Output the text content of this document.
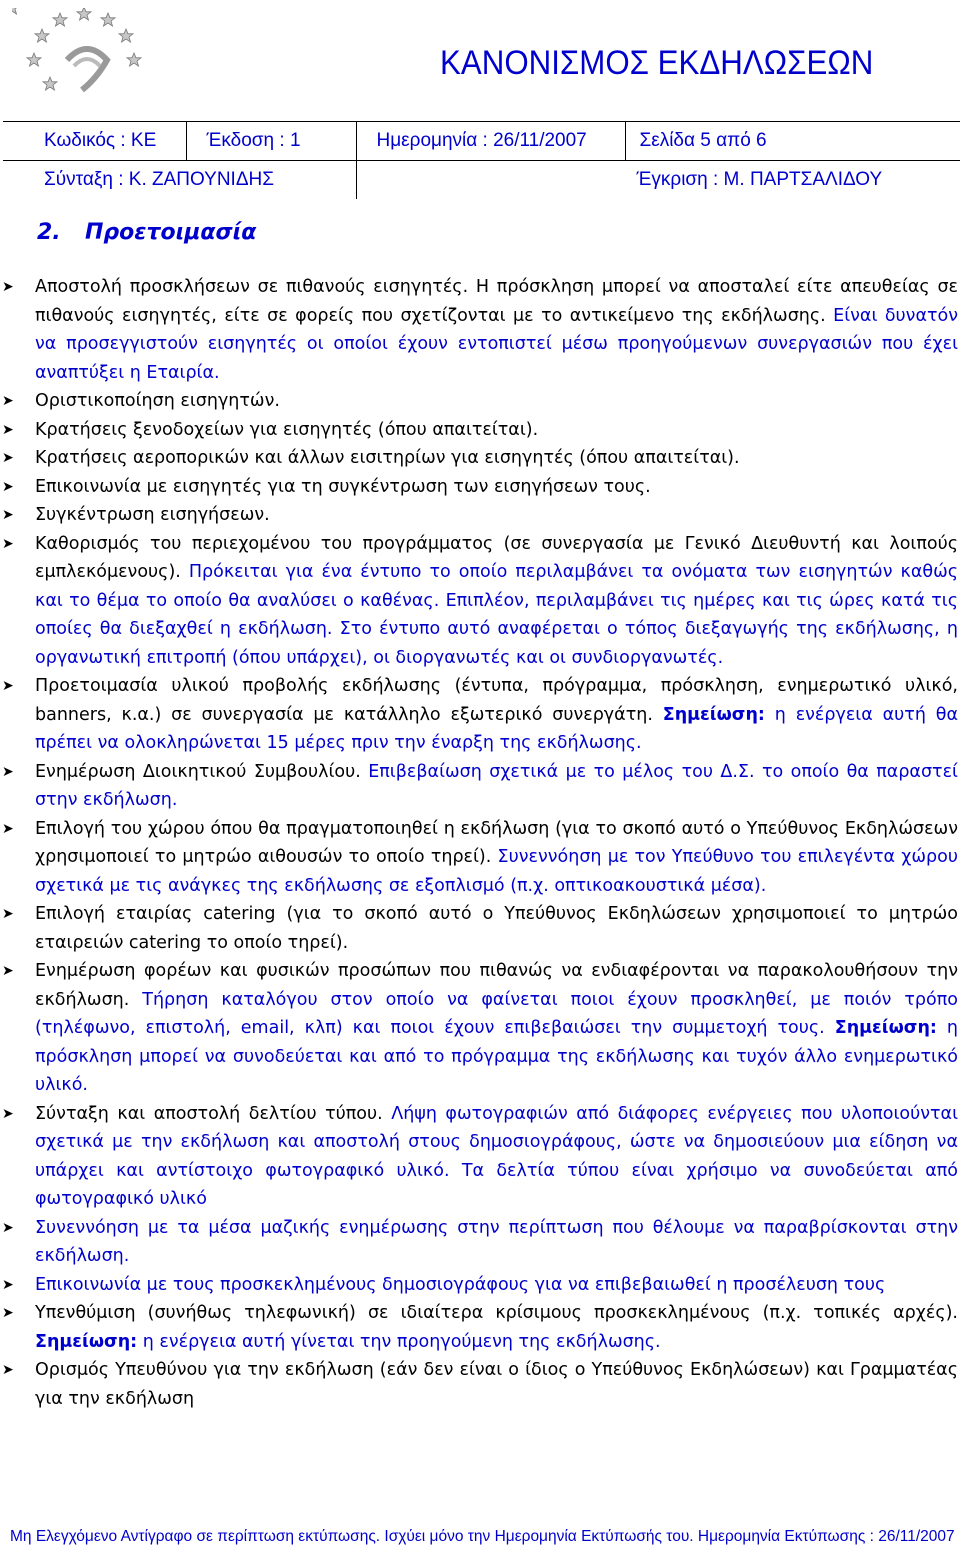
ΚΑΝΟΝΙΣΜΟΣ ΕΚΔΗΛΩΣΕΩΝ
Κωδικός : ΚΕ	Έκδοση : 1	Ημερομηνία : 26/11/2007	Σελίδα 5 από 6
Σύνταξη : Κ. ΖΑΠΟΥΝΙΔΗΣ		Έγκριση : Μ. ΠΑΡΤΣΑΛΙΔΟΥ	
2. Προετοιμασία
➤ Αποστολή προσκλήσεων σε πιθανούς εισηγητές. Η πρόσκληση μπορεί να αποσταλεί είτε απευθείας σε πιθανούς εισηγητές, είτε σε φορείς που σχετίζονται με το αντικείμενο της εκδήλωσης. Είναι δυνατόν να προσεγγιστούν εισηγητές οι οποίοι έχουν εντοπιστεί μέσω προηγούμενων συνεργασιών που έχει αναπτύξει η Εταιρία.
➤ Οριστικοποίηση εισηγητών.
➤ Κρατήσεις ξενοδοχείων για εισηγητές (όπου απαιτείται).
➤ Κρατήσεις αεροπορικών και άλλων εισιτηρίων για εισηγητές (όπου απαιτείται).
➤ Επικοινωνία με εισηγητές για τη συγκέντρωση των εισηγήσεων τους.
➤ Συγκέντρωση εισηγήσεων.
➤ Καθορισμός του περιεχομένου του προγράμματος (σε συνεργασία με Γενικό Διευθυντή και λοιπούς εμπλεκόμενους). Πρόκειται για ένα έντυπο το οποίο περιλαμβάνει τα ονόματα των εισηγητών καθώς και το θέμα το οποίο θα αναλύσει ο καθένας. Επιπλέον, περιλαμβάνει τις ημέρες και τις ώρες κατά τις οποίες θα διεξαχθεί η εκδήλωση. Στο έντυπο αυτό αναφέρεται ο τόπος διεξαγωγής της εκδήλωσης, η οργανωτική επιτροπή (όπου υπάρχει), οι διοργανωτές και οι συνδιοργανωτές.
➤ Προετοιμασία υλικού προβολής εκδήλωσης (έντυπα, πρόγραμμα, πρόσκληση, ενημερωτικό υλικό, banners, κ.α.) σε συνεργασία με κατάλληλο εξωτερικό συνεργάτη. Σημείωση: η ενέργεια αυτή θα πρέπει να ολοκληρώνεται 15 μέρες πριν την έναρξη της εκδήλωσης.
➤ Ενημέρωση Διοικητικού Συμβουλίου. Επιβεβαίωση σχετικά με το μέλος του Δ.Σ. το οποίο θα παραστεί στην εκδήλωση.
➤ Επιλογή του χώρου όπου θα πραγματοποιηθεί η εκδήλωση (για το σκοπό αυτό ο Υπεύθυνος Εκδηλώσεων χρησιμοποιεί το μητρώο αιθουσών το οποίο τηρεί). Συνεννόηση με τον Υπεύθυνο του επιλεγέντα χώρου σχετικά με τις ανάγκες της εκδήλωσης σε εξοπλισμό (π.χ. οπτικοακουστικά μέσα).
➤ Επιλογή εταιρίας catering (για το σκοπό αυτό ο Υπεύθυνος Εκδηλώσεων χρησιμοποιεί το μητρώο εταιρειών catering το οποίο τηρεί).
➤ Ενημέρωση φορέων και φυσικών προσώπων που πιθανώς να ενδιαφέρονται να παρακολουθήσουν την εκδήλωση. Τήρηση καταλόγου στον οποίο να φαίνεται ποιοι έχουν προσκληθεί, με ποιόν τρόπο (τηλέφωνο, επιστολή, email, κλπ) και ποιοι έχουν επιβεβαιώσει την συμμετοχή τους. Σημείωση: η πρόσκληση μπορεί να συνοδεύεται και από το πρόγραμμα της εκδήλωσης και τυχόν άλλο ενημερωτικό υλικό.
➤ Σύνταξη και αποστολή δελτίου τύπου. Λήψη φωτογραφιών από διάφορες ενέργειες που υλοποιούνται σχετικά με την εκδήλωση και αποστολή στους δημοσιογράφους, ώστε να δημοσιεύουν μια είδηση να υπάρχει και αντίστοιχο φωτογραφικό υλικό. Τα δελτία τύπου είναι χρήσιμο να συνοδεύεται από φωτογραφικό υλικό
➤ Συνεννόηση με τα μέσα μαζικής ενημέρωσης στην περίπτωση που θέλουμε να παραβρίσκονται στην εκδήλωση.
➤ Επικοινωνία με τους προσκεκλημένους δημοσιογράφους για να επιβεβαιωθεί η προσέλευση τους
➤ Υπενθύμιση (συνήθως τηλεφωνική) σε ιδιαίτερα κρίσιμους προσκεκλημένους (π.χ. τοπικές αρχές). Σημείωση: η ενέργεια αυτή γίνεται την προηγούμενη της εκδήλωσης.
➤ Ορισμός Υπευθύνου για την εκδήλωση (εάν δεν είναι ο ίδιος ο Υπεύθυνος Εκδηλώσεων) και Γραμματέας για την εκδήλωση

Μη Ελεγχόμενο Αντίγραφο σε περίπτωση εκτύπωσης. Ισχύει μόνο την Ημερομηνία Εκτύπωσής του. Ημερομηνία Εκτύπωσης : 26/11/2007
